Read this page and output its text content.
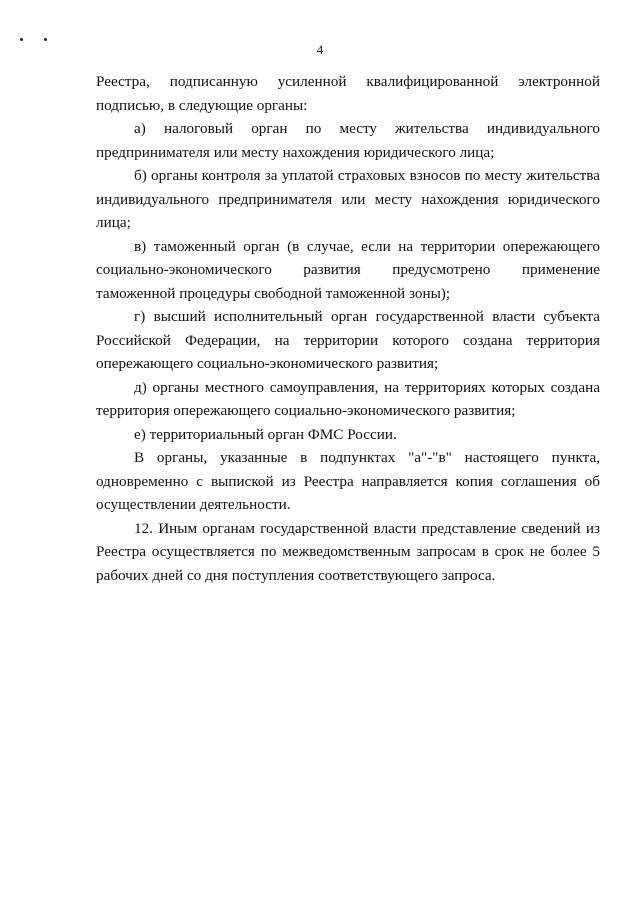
4

Реестра, подписанную усиленной квалифицированной электронной подписью, в следующие органы:

а) налоговый орган по месту жительства индивидуального предпринимателя или месту нахождения юридического лица;

б) органы контроля за уплатой страховых взносов по месту жительства индивидуального предпринимателя или месту нахождения юридического лица;

в) таможенный орган (в случае, если на территории опережающего социально-экономического развития предусмотрено применение таможенной процедуры свободной таможенной зоны);

г) высший исполнительный орган государственной власти субъекта Российской Федерации, на территории которого создана территория опережающего социально-экономического развития;

д) органы местного самоуправления, на территориях которых создана территория опережающего социально-экономического развития;

е) территориальный орган ФМС России.

В органы, указанные в подпунктах "а"-"в" настоящего пункта, одновременно с выпиской из Реестра направляется копия соглашения об осуществлении деятельности.

12. Иным органам государственной власти представление сведений из Реестра осуществляется по межведомственным запросам в срок не более 5 рабочих дней со дня поступления соответствующего запроса.
